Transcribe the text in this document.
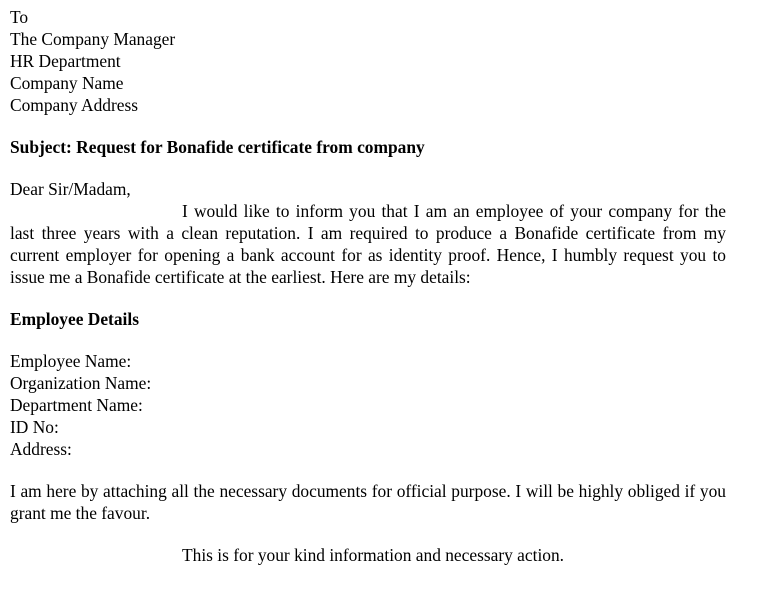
To
The Company Manager
HR Department
Company Name
Company Address
Subject: Request for Bonafide certificate from company
Dear Sir/Madam,
I would like to inform you that I am an employee of your company for the last three years with a clean reputation. I am required to produce a Bonafide certificate from my current employer for opening a bank account for as identity proof. Hence, I humbly request you to issue me a Bonafide certificate at the earliest. Here are my details:
Employee Details
Employee Name:
Organization Name:
Department Name:
ID No:
Address:
I am here by attaching all the necessary documents for official purpose. I will be highly obliged if you grant me the favour.
This is for your kind information and necessary action.
